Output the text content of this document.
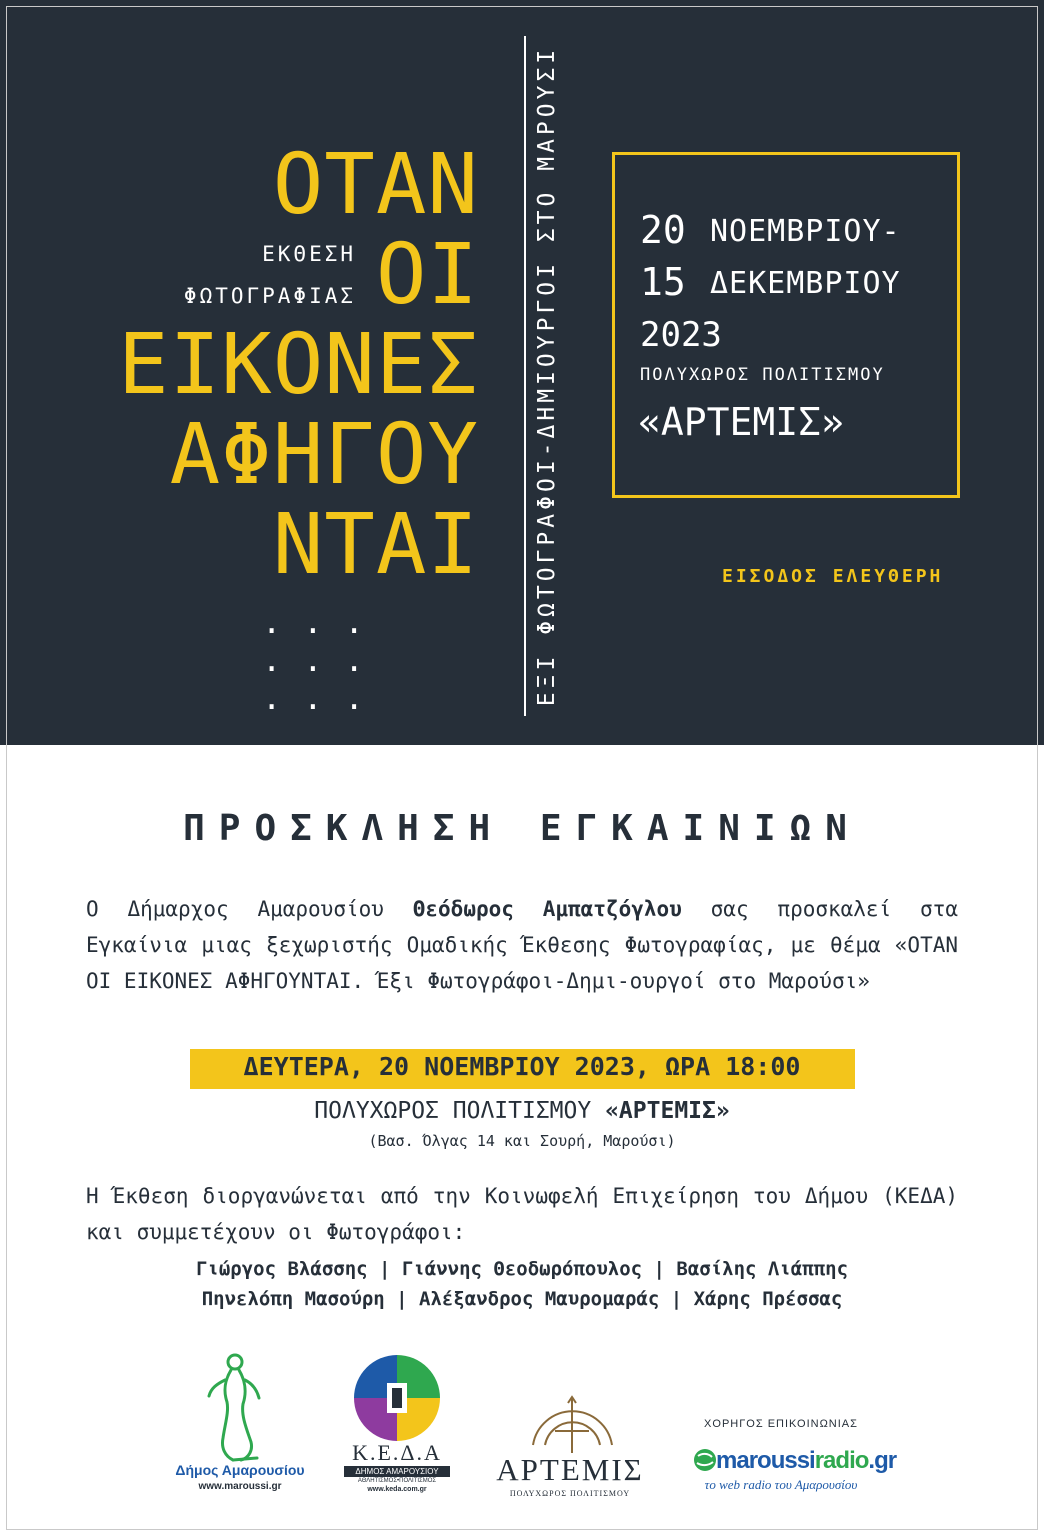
ΟΤΑΝ
ΕΚΘΕΣΗ
ΦΩΤΟΓΡΑΦΙΑΣ ΟΙ
ΕΙΚΟΝΕΣ
ΑΦΗΓΟΥ
ΝΤΑΙ
...
...
...	ΕΞΙ ΦΩΤΟΓΡΑΦΟΙ-ΔΗΜΙΟΥΡΓΟΙ ΣΤΟ ΜΑΡΟΥΣΙ 20 ΝΟΕΜΒΡΙΟΥ-
15 ΔΕΚΕΜΒΡΙΟΥ
2023
ΠΟΛΥΧΩΡΟΣ ΠΟΛΙΤΙΣΜΟΥ
«ΑΡΤΕΜΙΣ»
ΕΙΣΟΔΟΣ ΕΛΕΥΘΕΡΗ
ΠΡΟΣΚΛΗΣΗ ΕΓΚΑΙΝΙΩΝ
Ο Δήμαρχος Αμαρουσίου Θεόδωρος Αμπατζόγλου σας προσκαλεί στα Εγκαίνια μιας ξεχωριστής Ομαδικής Έκθεσης Φωτογραφίας, με θέμα «ΟΤΑΝ ΟΙ ΕΙΚΟΝΕΣ ΑΦΗΓΟΥΝΤΑΙ. Έξι Φωτογράφοι-Δημι-ουργοί στο Μαρούσι»
ΔΕΥΤΕΡΑ, 20 ΝΟΕΜΒΡΙΟΥ 2023, ΩΡΑ 18:00
ΠΟΛΥΧΩΡΟΣ ΠΟΛΙΤΙΣΜΟΥ «ΑΡΤΕΜΙΣ»
(Βασ. Όλγας 14 και Σουρή, Μαρούσι)
Η Έκθεση διοργανώνεται από την Κοινωφελή Επιχείρηση του Δήμου (ΚΕΔΑ) και συμμετέχουν οι Φωτογράφοι:
Γιώργος Βλάσσης | Γιάννης Θεοδωρόπουλος | Βασίλης Λιάππης
Πηνελόπη Μασούρη | Αλέξανδρος Μαυρομαράς | Χάρης Πρέσσας
Δήμος Αμαρουσίου
www.maroussi.gr
Κ.Ε.Δ.Α
ΔΗΜΟΣ ΑΜΑΡΟΥΣΙΟΥ
ΑΘΛΗΤΙΣΜΟΣ•ΠΟΛΙΤΙΣΜΟΣ
www.keda.com.gr
ΑΡΤΕΜΙΣ
ΠΟΛΥΧΩΡΟΣ ΠΟΛΙΤΙΣΜΟΥ
ΧΟΡΗΓΟΣ ΕΠΙΚΟΙΝΩΝΙΑΣ
maroussiradio.gr
το web radio του Αμαρουσίου
